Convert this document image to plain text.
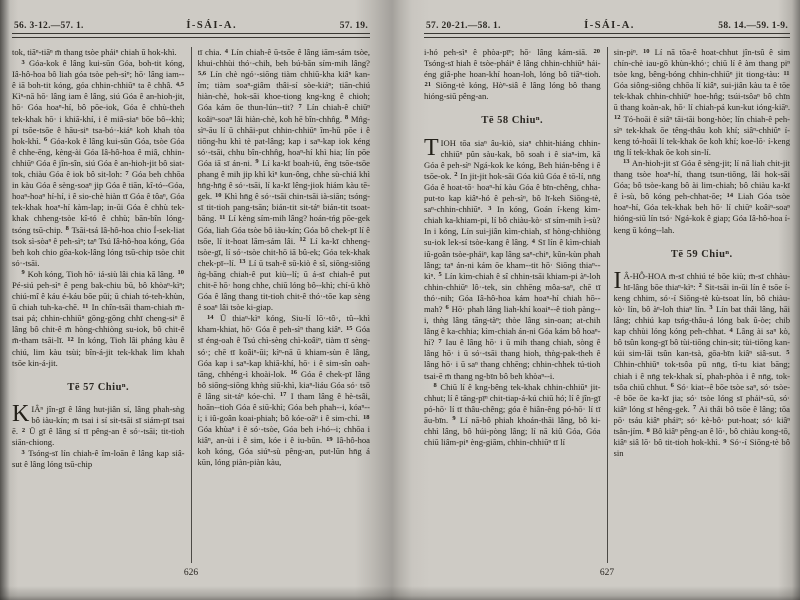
56. 3-12.—57. 1.	Í-SÁI-A.	57. 19.

tok, tiāⁿ-tiāⁿ m̄ thang tsòe pháiⁿ chiah ū hok-khì.

$^3$ Góa-kok ê lâng kui-sūn Góa, boh-tit kóng, Iâ-hô-hoa bô liah góa tsòe peh-sìⁿ; hō· lâng iam--ê iā boh-tit kóng, góa chhin-chhiūⁿ ta ê chhâ. $^{4,5}$ Kìⁿ-nā hō· lâng iam ê lâng, siú Góa ê an-hioh-jit, hō· Góa hoaⁿ-hí, bô pōe-iok, Góa ê chhù-theh tek-khak hō· i khiā-khí, i ê miâ-siaⁿ bōe bô--khì; pí tsōe-tsōe ê hāu-siⁿ tsa-bó·-kiáⁿ koh khah tòa hok-khì. $^6$ Góa-kok ê lâng kui-sūn Góa, tsòe Góa ê chhe-ēng, kèng-ài Góa Iâ-hô-hoa ê miâ, chhin-chhiūⁿ Góa ê jîn-sîn, siú Góa ê an-hioh-jit bô siat-tok, chiàu Góa ê iok bô sit-loh: $^7$ Góa beh chhōa in kàu Góa ê sèng-soaⁿ jip Góa ê tiān, kî-tó--Góa, hoaⁿ-hoaⁿ hí-hí, i ê sio-chè hiàn tī Góa ê tôaⁿ, Góa tek-khak hoaⁿ-hí kàm-lap; in-ūi Góa ê chhù tek-khak chheng-tsòe kî-tó ê chhù; bān-bîn lóng-tsóng tsū-chip. $^8$ Tsāi-tsá Iâ-hô-hoa chio Í-sek-liat tsok sì-sòaⁿ ê peh-sìⁿ; taⁿ Tsú Iâ-hô-hoa kóng, Góa beh koh chio gōa-kok-lâng lóng tsū-chip tsòe chit só·-tsāi.

$^9$ Koh kóng, Tioh hō· iá-siù lâi chia kā lâng. $^{10}$ Pé-siú peh-sìⁿ ê peng bak-chiu bū, bô khòaⁿ-kìⁿ; chiú-mî ê káu é-káu bōe pūi; ū chiah tó-teh-khùn, ū chiah tuh-ka-chē. $^{11}$ In chîn-tsāi tham-chiah m̄-tsai pá; chhin-chhiūⁿ gōng-gōng chhī cheng-siⁿ ê lâng bô chit-ê m̄ hòng-chhiòng su-iok, bô chit-ê m̄-tham tsāi-lī. $^{12}$ In kóng, Tioh lâi pháng kàu ê chiú, lim kàu tsùi; bîn-á-jit tek-khak lim khah tsōe kin-á-jit.

Tē 57 Chiuⁿ.

KIÂⁿ jîn-gī ê lâng hut-jiân sí, lâng phah-sǹg bô iàu-kín; m̄ tsai i sí sit-tsāi sī siám-pī tsai ē. $^2$ Ū gī ê lâng sí tī pêng-an ê só·-tsāi; tit-tioh siān-chiong.

$^3$ Tsóng-sī lín chiah-ê îm-loān ê lâng kap siâ-sut ê lâng lóng tsū-chip

tī chia. $^4$ Lín chiah-ê ū-tsōe ê lâng iām-sám tsòe, khui-chhùi thó·-chih, beh bú-bān sím-mih lâng? $^{5,6}$ Lín chè ngó·-siōng tiàm chhiū-kha kiâⁿ kan-îm; tiàm soaⁿ-giâm thâi-sí sòe-kiáⁿ; tiān-chiú hiàn-chè, hok-sāi khoe-tiong kng-kng ê chioh; Góa kám ōe thun-lún--tit? $^7$ Lín chiah-ê chiūⁿ koâiⁿ-soaⁿ lâi hiàn-chè, koh hē bîn-chhn̂g. $^8$ Mn̂g-sìⁿ-āu lí ū chhāi-put chhin-chhiūⁿ îm-hū pōe i ê tiōng-hu khì tè pat-lâng; kap i saⁿ-kap iok kéng só·-tsāi, chhu bîn-chhn̂g, hoaⁿ-hí khì hia; lín pōe Góa iā sī án-ni. $^9$ Lí ka-kī boah-iû, ēng tsōe-tsōe phang ê mih jip khì kìⁿ kun-ông, chhe sù-chiá khì hn̄g-hn̄g ê só·-tsāi, lí ka-kī lêng-jiok hiám kàu tē-gek. $^{10}$ Khì hn̄g ê só·-tsāi chin-tsāi ià-siān; tsóng-sī tit-tioh pang-tsān; bián-tit sit-táⁿ bián-tit tsoat-bāng. $^{11}$ Lí kèng sím-mih lâng? hoán-tńg pōe-gek Góa, liah Góa tsòe bô iàu-kín; Góa bô chek-pī lí ê tsōe, lí it-hoat lām-sám lâi. $^{12}$ Lí ka-kī chheng-tsòe-gī, lí só·-tsòe chit-hō iā bû-ek; Góa tek-khak chek-pī--lí. $^{13}$ Lí ū tsah-ê sū-kiò ê sî, siōng-siōng ǹg-bāng chiah-ê put kiù--lí; ū á-sī chiah-ê put chit-ē hō· hong chhe, chiū lóng bô--khì; chí-ū khò Góa ê lâng thang tit-tioh chit-ê thó·-tōe kap sèng ê soaⁿ lâi tsòe ki-giap.

$^{14}$ Ū thiaⁿ-kìⁿ kóng, Siu-lí lō·-tô·, tû--khì kham-khiat, hō· Góa ê peh-sìⁿ thang kiâⁿ. $^{15}$ Góa sī éng-oah ê Tsú chì-sèng chì-koâiⁿ, tiàm tī sèng-só·; chē tī koâiⁿ-ūi; kìⁿ-nā ū khiam-sùn ê lâng, Góa kap i saⁿ-kap khiā-khí, hō· i ê sim-sîn oah-tāng, chhéng-ì khoài-lok. $^{16}$ Góa ê chek-pī lâng bô siōng-siōng khǹg siū-khì, kiaⁿ-liáu Góa só· tsō ê lâng sit-táⁿ kóe-chì. $^{17}$ I tham lâng ê hè-tsâi, hoān--tioh Góa ê siū-khì; Góa beh phah--i, kóaⁿ--i; i iû-goân koai-phiah; bô kóe-oāⁿ i ê sim-chì. $^{18}$ Góa khùaⁿ i ê só·-tsòe, Góa beh i-hó--i; chhōa i kiâⁿ, an-ùi i ê sim, kóe i ê iu-būn. $^{19}$ Iâ-hô-hoa koh kóng, Góa siúⁿ-sù pêng-an, put-lūn hn̄g á kūn, lóng piàn-piàn kàu,

626
57. 20-21.—58. 1.	Í-SÁI-A.	58. 14.—59. 1-9.

i-hó peh-sìⁿ ê phòa-pīⁿ; hō· lâng kám-siā. $^{20}$ Tsóng-sī hiah ê tsòe-pháiⁿ ê lâng chhin-chhiūⁿ hái-éng giâ-phe hoan-khí hoan-loh, lóng bô tiāⁿ-tioh. $^{21}$ Siōng-tè kóng, Hòⁿ-siâ ê lâng lóng bô thang hióng-siū pêng-an.

Tē 58 Chiuⁿ.

TIOH tōa siaⁿ âu-kiò, siaⁿ chhit-hiáng chhin-chhiūⁿ pûn sàu-kak, bô soah i ê siaⁿ-im, kā Góa ê peh-sìⁿ Ngá-kok ke kóng, Beh hián-bêng i ê tsōe-ok. $^2$ In jit-jit hok-sāi Góa kiû Góa ê tō-lí, nn̄g Góa ê hoat-tō· hoaⁿ-hí kàu Góa ê bīn-chêng, chha-put-to kap kiâⁿ-hó ê peh-sìⁿ, bô lī-keh Siōng-tè, saⁿ-chhin-chhiūⁿ. $^3$ In kóng, Goán í-keng kìm-chiah ka-khiam-pi, lí bô chiàu-kò· sī sím-mih ì-sù? In i kóng, Lín sui-jiân kìm-chiah, sī hòng-chhiòng su-iok lek-sí tsòe-kang ê lâng. $^4$ Sī lín ê kìm-chiah iû-goân tsòe-pháiⁿ, kap lâng saⁿ-chiⁿ, kûn-kùn phah lâng; taⁿ án-ni kám ōe kham--tit hō· Siōng thiaⁿ--kìⁿ. $^5$ Lín kìm-chiah ê sî chhin-tsāi khiam-pi àⁿ-loh chhin-chhiūⁿ lô·-tek, sin chhēng môa-saⁿ, chē tī thó·-nih; Góa Iâ-hô-hoa kám hoaⁿ-hí chiah hō--mah? $^6$ Hō· phah lâng liah-khí koaiⁿ--ê tioh pàng--i, thǹg lâng tāng-tàⁿ; thòe lâng sin-oan; at-chih lâng ê ka-chhia; kìm-chiah án-ni Góa kám bô hoaⁿ-hí? $^7$ Iau ê lâng hō· i ū mih thang chiah, sòng ê lâng hō· i ū só·-tsāi thang hioh, thǹg-pak-theh ê lâng hō· i ū saⁿ thang chhēng; chhin-chhek tú-tioh tsai-ē m̄ thang ng-bīn bô beh khòaⁿ--i.

$^8$ Chiū lí ê kng-bêng tek-khak chhin-chhiūⁿ jit-chhut; lí ê tāng-pīⁿ chit-tiap-á-kú chiū hó; lí ê jîn-gī pó-hō· lí tī thâu-chêng; góa ê hiân-êng pó-hō· lí tī āu-bīn. $^9$ Lí nā-bô phiah khoán-thāi lâng, bô ki-chhì lâng, bô húi-pòng lâng; lí nā kiû Góa, Góa chiū liâm-piⁿ èng-giām, chhin-chhiūⁿ tī lí

sin-piⁿ. $^{10}$ Lí nā tōa-ê hoat-chhut jîn-tsû ê sim chín-chè iau-gō khùn-khó·; chiū lí ê àm thang piⁿ tsòe kng, bêng-bóng chhin-chhiūⁿ jit tiong-tàu: $^{11}$ Góa siông-siông chhōa lí kiâⁿ, sui-jiân kàu ta ê tōe tek-khak chhin-chhiūⁿ hoe-hn̂g; tsúi-tsôaⁿ bô chīn ū thang koàn-ak, hō· lí chiah-pá kun-kut ióng-kiāⁿ. $^{12}$ Tó-hoāi ê siâⁿ tāi-tāi bong-hòe; lín chiah-ê peh-sìⁿ tek-khak ōe têng-thâu koh khí; siâⁿ-chhiûⁿ í-keng tó-hoāi lí tek-khak ōe koh khí; koe-lō· í-keng tn̄g lí tek-khak ōe koh sin-lí.

$^{13}$ An-hioh-jit sī Góa ê sèng-jit; lí nā liah chit-jit thang tsòe hoaⁿ-hí, thang tsun-tiōng, lâi hok-sāi Góa; bô tsòe-kang bô ài lim-chiah; bô chiàu ka-kī ê ì-sù, bô kóng peh-chhat-ōe; $^{14}$ Liah Góa tsòe hoaⁿ-hí, Góa tek-khak beh hō· lí chiūⁿ koâiⁿ-soaⁿ hióng-siū lín tsó· Ngá-kok ê giap; Góa Iâ-hô-hoa í-keng ū kóng--lah.

Tē 59 Chiuⁿ.

I Â-HÔ-HOA m̄-sī chhiú té bōe kiù; m̄-sī chhàu-hī-lâng bōe thiaⁿ-kìⁿ: $^2$ Sit-tsāi in-ūi lín ê tsōe í-keng chhim, só·-í Siōng-tè kù-tsoat lín, bô chiàu-kò· lín, bô àⁿ-loh thiaⁿ lín. $^3$ Lín bat thâi lâng, hāi lâng; chhiú kap tsńg-thâu-á lóng bak û-òe; chib kap chhùi lóng kóng peh-chhat. $^4$ Lâng ài saⁿ kò, bô tsûn kong-gī bô tùi-tiōng chin-sit; tùi-tiōng kan-kúi sim-lāi tsûn kan-tsà, gōa-bīn kiâⁿ siâ-sut. $^5$ Chhin-chhiūⁿ tok-tsôa pū nn̄g, tî-tu kiat bāng; chiah i ê nn̄g tek-khak sí, phah-phòa i ê nn̄g, tok-tsôa chiū chhut. $^6$ Só· kiat--ê bōe tsòe saⁿ, só· tsòe--ê bōe ōe ka-kī jia; só· tsòe lóng sī pháiⁿ-sū, só· kiâⁿ lóng sī hêng-gek. $^7$ Ai thâi bô tsōe ê lâng; tōa pō· tsáu kiâⁿ pháiⁿ; só· kè-bô· put-hoat; só· kiâⁿ tsân-jím. $^8$ Bô kiâⁿ pêng-an ê lō·, bô chiàu kong-tō, kiâⁿ siâ lō· bô tit-tioh hok-khì. $^9$ Só·-í Siōng-tè bô sin

627
